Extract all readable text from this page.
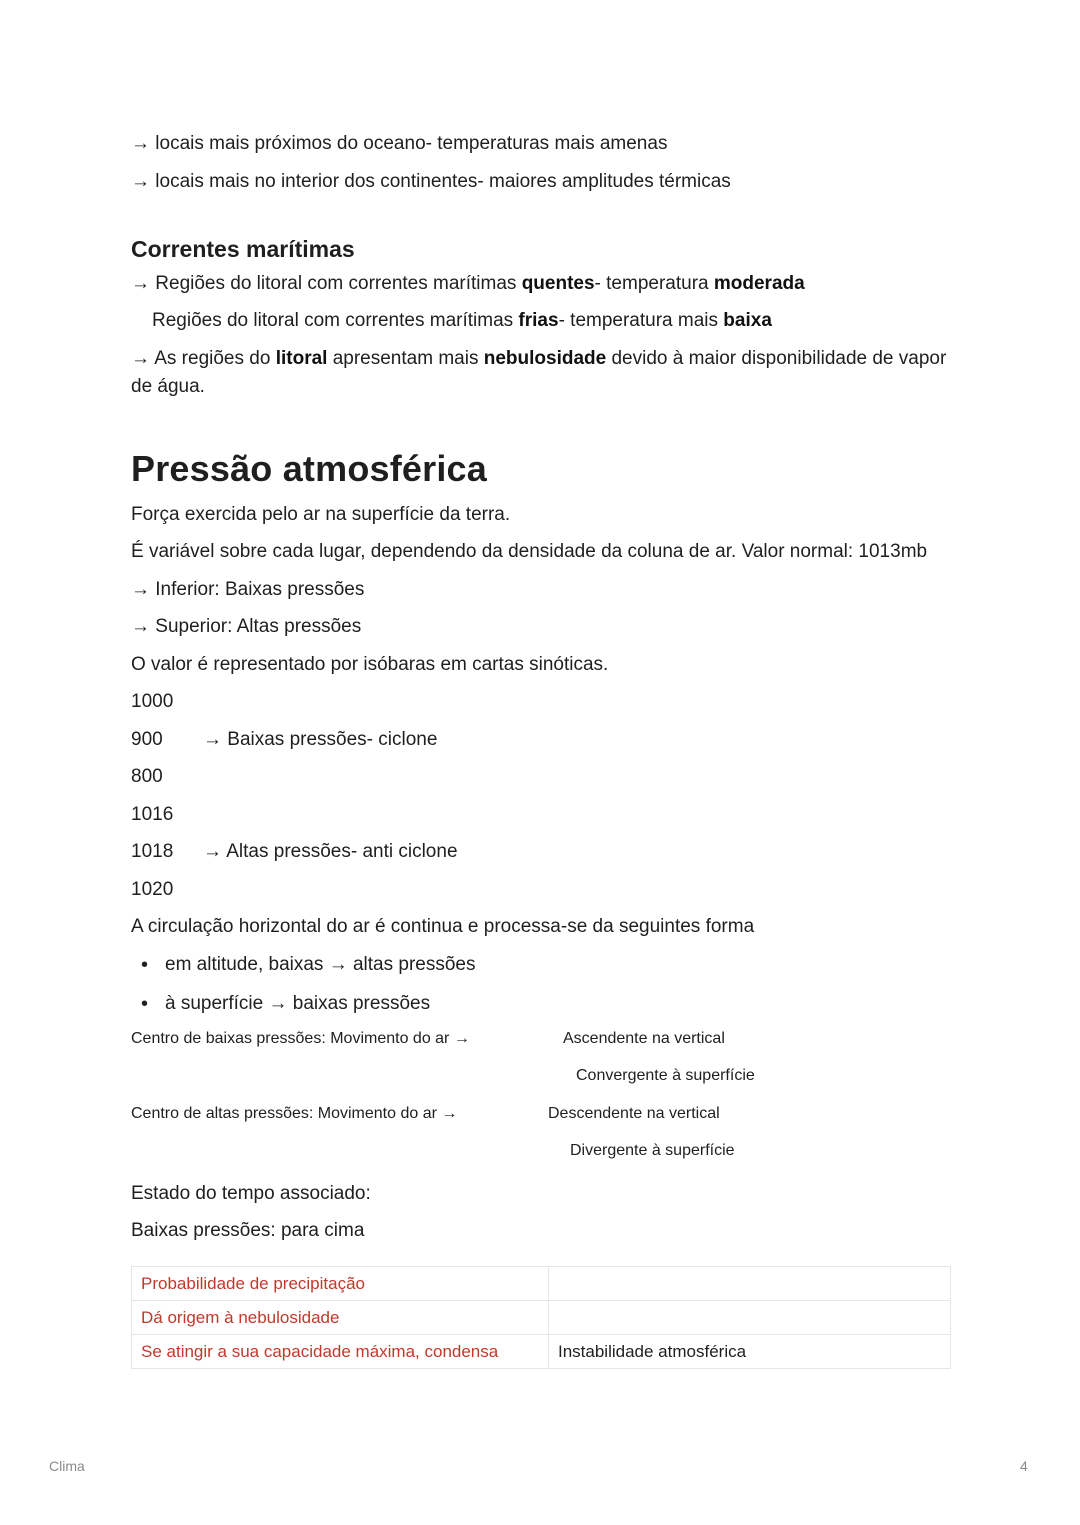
→ locais mais próximos do oceano- temperaturas mais amenas

→ locais mais no interior dos continentes- maiores amplitudes térmicas

Correntes marítimas

→ Regiões do litoral com correntes marítimas quentes- temperatura moderada

Regiões do litoral com correntes marítimas frias- temperatura mais baixa

→ As regiões do litoral apresentam mais nebulosidade devido à maior disponibilidade de vapor de água.

Pressão atmosférica

Força exercida pelo ar na superfície da terra.

É variável sobre cada lugar, dependendo da densidade da coluna de ar. Valor normal: 1013mb

→ Inferior: Baixas pressões

→ Superior: Altas pressões

O valor é representado por isóbaras em cartas sinóticas.

1000

900	→ Baixas pressões- ciclone

800

1016

1018	→ Altas pressões- anti ciclone

1020

A circulação horizontal do ar é continua e processa-se da seguintes forma

• em altitude, baixas → altas pressões
• à superfície → baixas pressões
Centro de baixas pressões: Movimento do ar →	Ascendente na vertical
Convergente à superfície
Centro de altas pressões: Movimento do ar →	Descendente na vertical
Divergente à superfície

Estado do tempo associado:

Baixas pressões: para cima

Probabilidade de precipitação	
Dá origem à nebulosidade	
Se atingir a sua capacidade máxima, condensa	Instabilidade atmosférica
Clima	4
